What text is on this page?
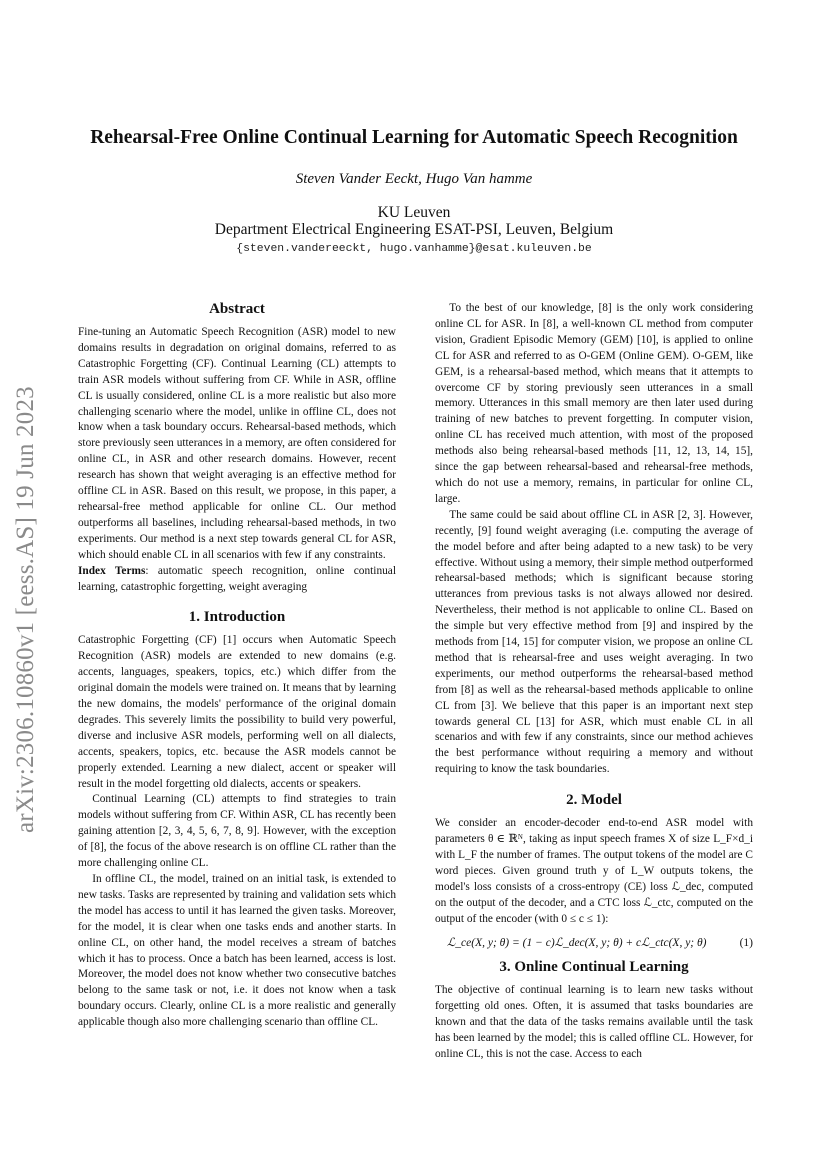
arXiv:2306.10860v1 [eess.AS] 19 Jun 2023
Rehearsal-Free Online Continual Learning for Automatic Speech Recognition
Steven Vander Eeckt, Hugo Van hamme
KU Leuven
Department Electrical Engineering ESAT-PSI, Leuven, Belgium
{steven.vandereeckt, hugo.vanhamme}@esat.kuleuven.be
Abstract

Fine-tuning an Automatic Speech Recognition (ASR) model to new domains results in degradation on original domains, referred to as Catastrophic Forgetting (CF). Continual Learning (CL) attempts to train ASR models without suffering from CF. While in ASR, offline CL is usually considered, online CL is a more realistic but also more challenging scenario where the model, unlike in offline CL, does not know when a task boundary occurs. Rehearsal-based methods, which store previously seen utterances in a memory, are often considered for online CL, in ASR and other research domains. However, recent research has shown that weight averaging is an effective method for offline CL in ASR. Based on this result, we propose, in this paper, a rehearsal-free method applicable for online CL. Our method outperforms all baselines, including rehearsal-based methods, in two experiments. Our method is a next step towards general CL for ASR, which should enable CL in all scenarios with few if any constraints.

Index Terms: automatic speech recognition, online continual learning, catastrophic forgetting, weight averaging

1. Introduction

Catastrophic Forgetting (CF) [1] occurs when Automatic Speech Recognition (ASR) models are extended to new domains (e.g. accents, languages, speakers, topics, etc.) which differ from the original domain the models were trained on. It means that by learning the new domains, the models' performance of the original domain degrades. This severely limits the possibility to build very powerful, diverse and inclusive ASR models, performing well on all dialects, accents, speakers, topics, etc. because the ASR models cannot be properly extended. Learning a new dialect, accent or speaker will result in the model forgetting old dialects, accents or speakers.

Continual Learning (CL) attempts to find strategies to train models without suffering from CF. Within ASR, CL has recently been gaining attention [2, 3, 4, 5, 6, 7, 8, 9]. However, with the exception of [8], the focus of the above research is on offline CL rather than the more challenging online CL.

In offline CL, the model, trained on an initial task, is extended to new tasks. Tasks are represented by training and validation sets which the model has access to until it has learned the given tasks. Moreover, for the model, it is clear when one tasks ends and another starts. In online CL, on other hand, the model receives a stream of batches which it has to process. Once a batch has been learned, access is lost. Moreover, the model does not know whether two consecutive batches belong to the same task or not, i.e. it does not know when a task boundary occurs. Clearly, online CL is a more realistic and generally applicable though also more challenging scenario than offline CL.

To the best of our knowledge, [8] is the only work considering online CL for ASR. In [8], a well-known CL method from computer vision, Gradient Episodic Memory (GEM) [10], is applied to online CL for ASR and referred to as O-GEM (Online GEM). O-GEM, like GEM, is a rehearsal-based method, which means that it attempts to overcome CF by storing previously seen utterances in a small memory. Utterances in this small memory are then later used during training of new batches to prevent forgetting. In computer vision, online CL has received much attention, with most of the proposed methods also being rehearsal-based methods [11, 12, 13, 14, 15], since the gap between rehearsal-based and rehearsal-free methods, which do not use a memory, remains, in particular for online CL, large.

The same could be said about offline CL in ASR [2, 3]. However, recently, [9] found weight averaging (i.e. computing the average of the model before and after being adapted to a new task) to be very effective. Without using a memory, their simple method outperformed rehearsal-based methods; which is significant because storing utterances from previous tasks is not always allowed nor desired. Nevertheless, their method is not applicable to online CL. Based on the simple but very effective method from [9] and inspired by the methods from [14, 15] for computer vision, we propose an online CL method that is rehearsal-free and uses weight averaging. In two experiments, our method outperforms the rehearsal-based method from [8] as well as the rehearsal-based methods applicable to online CL from [3]. We believe that this paper is an important next step towards general CL [13] for ASR, which must enable CL in all scenarios and with few if any constraints, since our method achieves the best performance without requiring a memory and without requiring to know the task boundaries.

2. Model

We consider an encoder-decoder end-to-end ASR model with parameters θ ∈ ℝᴺ, taking as input speech frames X of size L_F×d_i with L_F the number of frames. The output tokens of the model are C word pieces. Given ground truth y of L_W outputs tokens, the model's loss consists of a cross-entropy (CE) loss ℒ_dec, computed on the output of the decoder, and a CTC loss ℒ_ctc, computed on the output of the encoder (with 0 ≤ c ≤ 1):

ℒ_ce(X, y; θ) = (1 − c)ℒ_dec(X, y; θ) + cℒ_ctc(X, y; θ)	(1)
3. Online Continual Learning

The objective of continual learning is to learn new tasks without forgetting old ones. Often, it is assumed that tasks boundaries are known and that the data of the tasks remains available until the task has been learned by the model; this is called offline CL. However, for online CL, this is not the case. Access to each
